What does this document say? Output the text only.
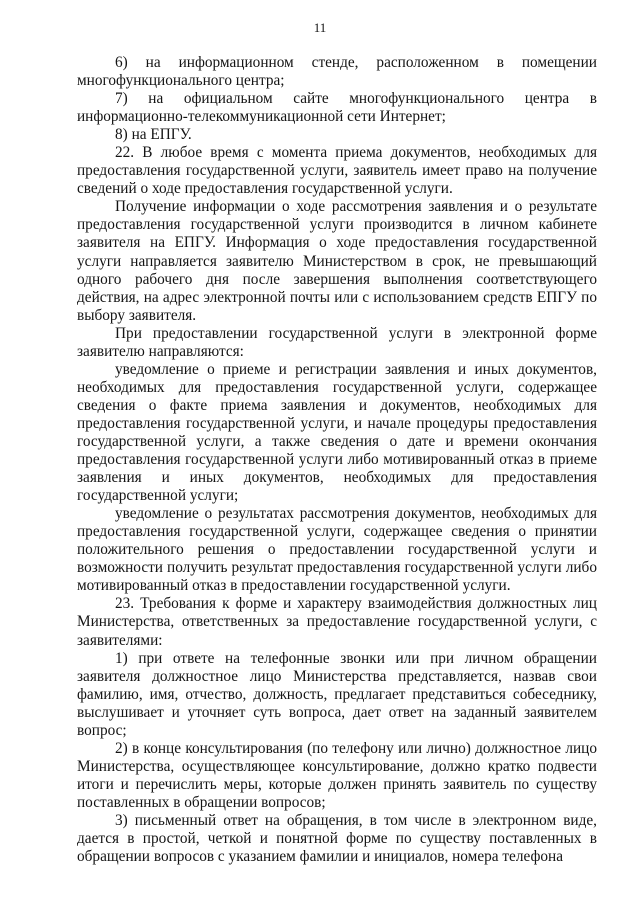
11

6) на информационном стенде, расположенном в помещении многофункционального центра;

7) на официальном сайте многофункционального центра в информационно-телекоммуникационной сети Интернет;

8) на ЕПГУ.

22. В любое время с момента приема документов, необходимых для предоставления государственной услуги, заявитель имеет право на получение сведений о ходе предоставления государственной услуги.

Получение информации о ходе рассмотрения заявления и о результате предоставления государственной услуги производится в личном кабинете заявителя на ЕПГУ. Информация о ходе предоставления государственной услуги направляется заявителю Министерством в срок, не превышающий одного рабочего дня после завершения выполнения соответствующего действия, на адрес электронной почты или с использованием средств ЕПГУ по выбору заявителя.

При предоставлении государственной услуги в электронной форме заявителю направляются:

уведомление о приеме и регистрации заявления и иных документов, необходимых для предоставления государственной услуги, содержащее сведения о факте приема заявления и документов, необходимых для предоставления государственной услуги, и начале процедуры предоставления государственной услуги, а также сведения о дате и времени окончания предоставления государственной услуги либо мотивированный отказ в приеме заявления и иных документов, необходимых для предоставления государственной услуги;

уведомление о результатах рассмотрения документов, необходимых для предоставления государственной услуги, содержащее сведения о принятии положительного решения о предоставлении государственной услуги и возможности получить результат предоставления государственной услуги либо мотивированный отказ в предоставлении государственной услуги.

23. Требования к форме и характеру взаимодействия должностных лиц Министерства, ответственных за предоставление государственной услуги, с заявителями:

1) при ответе на телефонные звонки или при личном обращении заявителя должностное лицо Министерства представляется, назвав свои фамилию, имя, отчество, должность, предлагает представиться собеседнику, выслушивает и уточняет суть вопроса, дает ответ на заданный заявителем вопрос;

2) в конце консультирования (по телефону или лично) должностное лицо Министерства, осуществляющее консультирование, должно кратко подвести итоги и перечислить меры, которые должен принять заявитель по существу поставленных в обращении вопросов;

3) письменный ответ на обращения, в том числе в электронном виде, дается в простой, четкой и понятной форме по существу поставленных в обращении вопросов с указанием фамилии и инициалов, номера телефона
